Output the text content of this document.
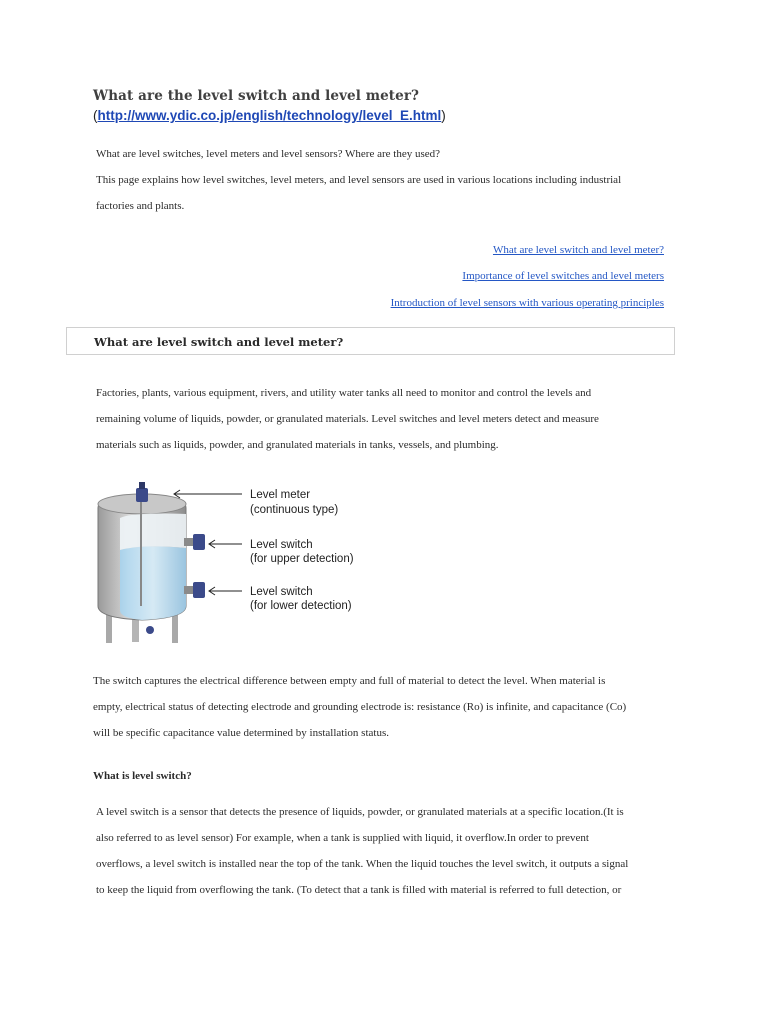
What are the level switch and level meter?
(http://www.ydic.co.jp/english/technology/level_E.html)
What are level switches, level meters and level sensors? Where are they used?
This page explains how level switches, level meters, and level sensors are used in various locations including industrial
factories and plants.
What are level switch and level meter?
Importance of level switches and level meters
Introduction of level sensors with various operating principles
What are level switch and level meter?
Factories, plants, various equipment, rivers, and utility water tanks all need to monitor and control the levels and
remaining volume of liquids, powder, or granulated materials. Level switches and level meters detect and measure
materials such as liquids, powder, and granulated materials in tanks, vessels, and plumbing.
Level meter
(continuous type)
Level switch
(for upper detection)
Level switch
(for lower detection)
The switch captures the electrical difference between empty and full of material to detect the level. When material is
empty, electrical status of detecting electrode and grounding electrode is: resistance (Ro) is infinite, and capacitance (Co)
will be specific capacitance value determined by installation status.
What is level switch?
A level switch is a sensor that detects the presence of liquids, powder, or granulated materials at a specific location.(It is
also referred to as level sensor) For example, when a tank is supplied with liquid, it overflow.In order to prevent
overflows, a level switch is installed near the top of the tank. When the liquid touches the level switch, it outputs a signal
to keep the liquid from overflowing the tank. (To detect that a tank is filled with material is referred to full detection, or
